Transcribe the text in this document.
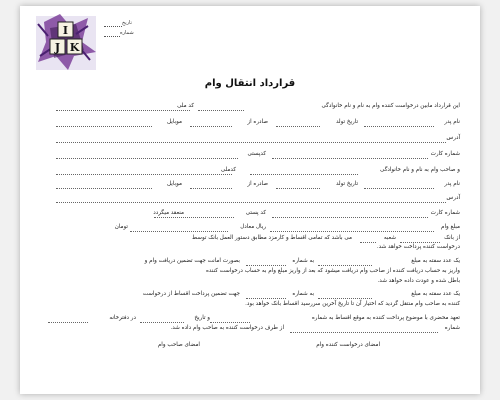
I
J K
تاریخ
شماره
قرارداد انتقال وام
این قرارداد مابین درخواست کننده وام به نام و نام خانوادگی
کد ملی
نام پدر
تاریخ تولد
صادره از
موبایل
آدرس
شماره کارت
کدپستی
و صاحب وام به نام و نام خانوادگی
کدملی
نام پدر
تاریخ تولد
صادره از
موبایل
آدرس
شماره کارت
کد پستی
منعقد میگردد
مبلغ وام
ریال معادل
تومان
از بانک
شعبه
می باشد که تمامی اقساط و کارمزد مطابق دستور العمل بانک توسط
درخواست کننده پرداخت خواهد شد.
یک عدد سفته به مبلغ
به شماره
بصورت امانت جهت تضمین دریافت وام و
واریز به حساب دریافت کننده از صاحب وام دریافت میشود که بعد از واریز مبلغ وام به حساب درخواست کننده
باطل شده و عودت داده خواهد شد.
یک عدد سفته به مبلغ
به شماره
جهت تضمین پرداخت اقساط از درخواست
کننده به صاحب وام منتقل گردید که اختیار آن تا تاریخ آخرین سررسید اقساط بانک خواهد بود.
تعهد محضری با موضوع پرداخت کننده به موقع اقساط به شماره
و تاریخ
در دفترخانه
شماره
از طرف درخواست کننده به صاحب وام داده شد.
امضای درخواست کننده وام
امضای صاحب وام
